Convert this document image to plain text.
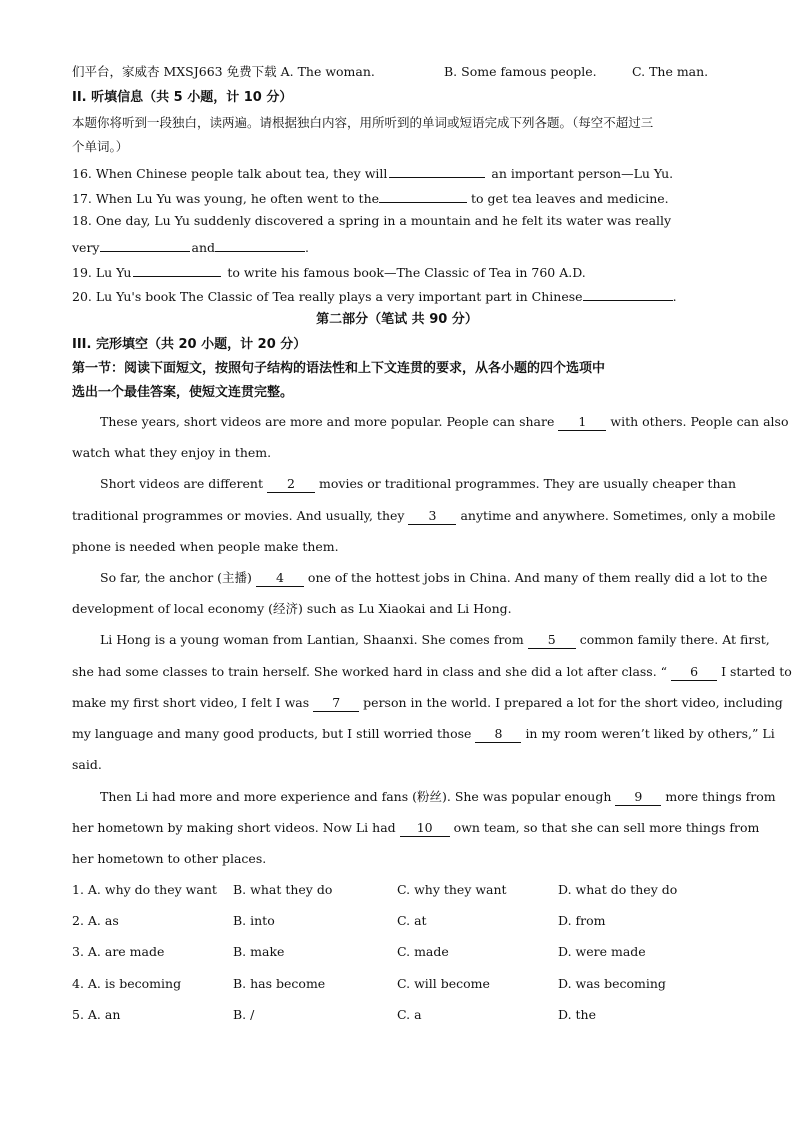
们平台，家威杏 MXSJ663 免费下载 A. The woman.	B. Some famous people.	C. The man.
II. 听填信息（共 5 小题，计 10 分）
本题你将听到一段独白，读两遍。请根据独白内容，用所听到的单词或短语完成下列各题。（每空不超过三
个单词。）
16. When Chinese people talk about tea, they will	an important person—Lu Yu.
17. When Lu Yu was young, he often went to the	to get tea leaves and medicine.
18. One day, Lu Yu suddenly discovered a spring in a mountain and he felt its water was really
very	and	.
19. Lu Yu	to write his famous book—The Classic of Tea in 760 A.D.
20. Lu Yu's book The Classic of Tea really plays a very important part in Chinese	.
第二部分（笔试 共 90 分）
III. 完形填空（共 20 小题，计 20 分）
第一节：阅读下面短文，按照句子结构的语法性和上下文连贯的要求，从各小题的四个选项中
选出一个最佳答案，使短文连贯完整。
These years, short videos are more and more popular. People can share 1 with others. People can also
watch what they enjoy in them.
Short videos are different 2 movies or traditional programmes. They are usually cheaper than
traditional programmes or movies. And usually, they 3 anytime and anywhere. Sometimes, only a mobile
phone is needed when people make them.
So far, the anchor (主播) 4 one of the hottest jobs in China. And many of them really did a lot to the
development of local economy (经济) such as Lu Xiaokai and Li Hong.
Li Hong is a young woman from Lantian, Shaanxi. She comes from 5 common family there. At first,
she had some classes to train herself. She worked hard in class and she did a lot after class. “ 6 I started to
make my first short video, I felt I was 7 person in the world. I prepared a lot for the short video, including
my language and many good products, but I still worried those 8 in my room weren’t liked by others,” Li
said.
Then Li had more and more experience and fans (粉丝). She was popular enough 9 more things from
her hometown by making short videos. Now Li had 10 own team, so that she can sell more things from
her hometown to other places.
1. A. why do they want B. what they do	C. why they want	D. what do they do
2. A. as	B. into	C. at	D. from
3. A. are made	B. make	C. made	D. were made
4. A. is becoming	B. has become	C. will become	D. was becoming
5. A. an	B. /	C. a	D. the
